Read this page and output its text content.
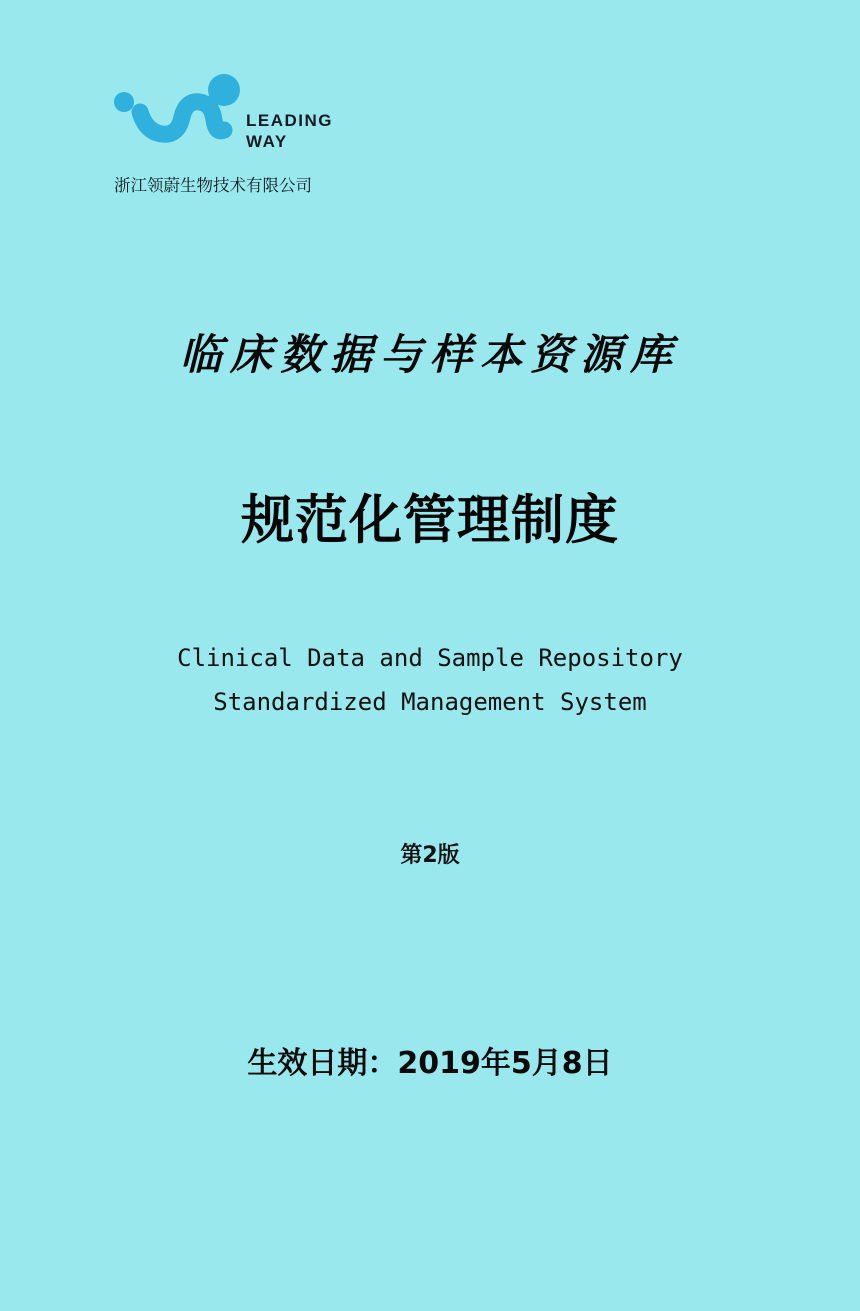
LEADING
WAY
浙江领蔚生物技术有限公司
临床数据与样本资源库
规范化管理制度
Clinical Data and Sample Repository
Standardized Management System
第2版
生效日期：2019年5月8日
